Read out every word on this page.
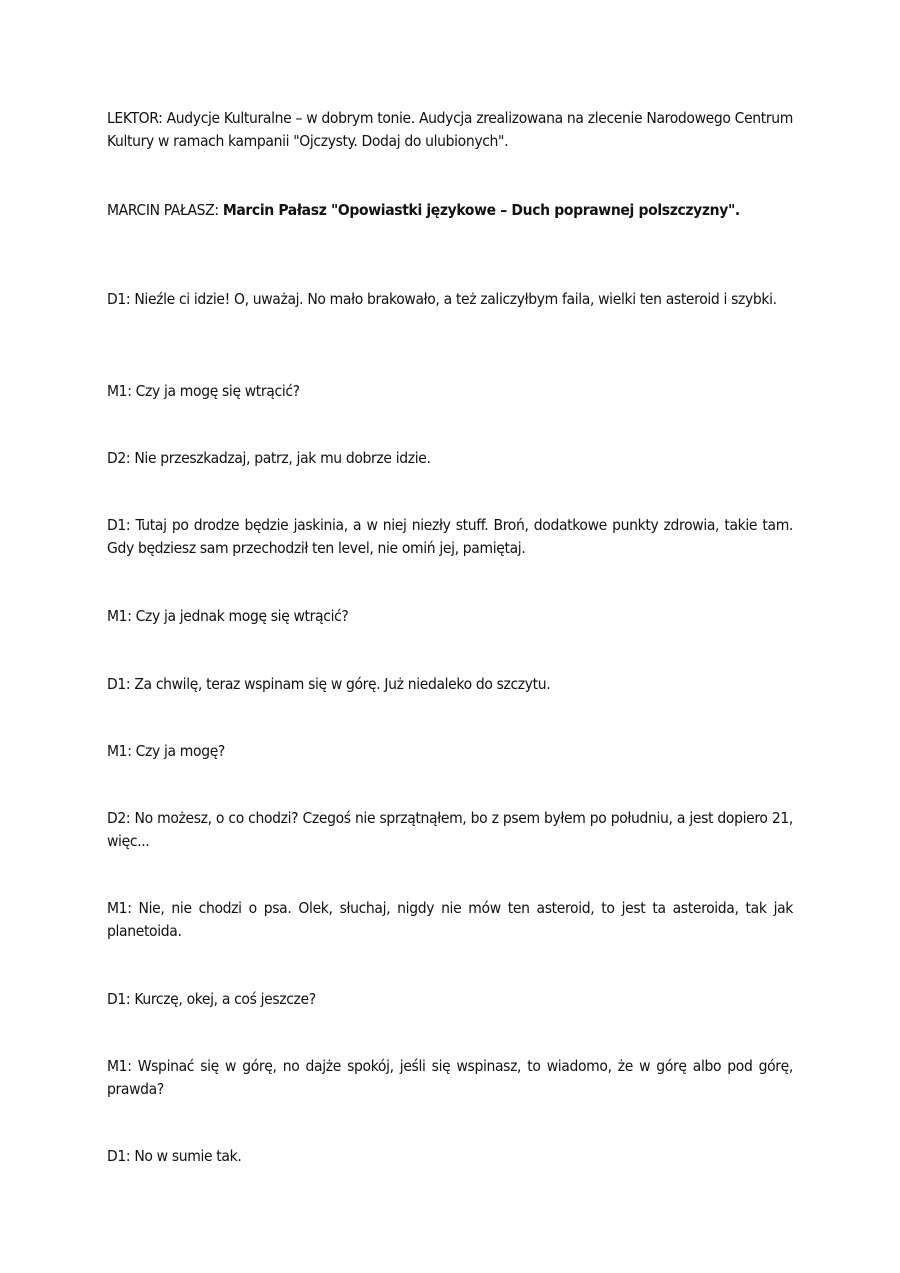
LEKTOR: Audycje Kulturalne – w dobrym tonie. Audycja zrealizowana na zlecenie Narodowego Centrum Kultury w ramach kampanii "Ojczysty. Dodaj do ulubionych".

MARCIN PAŁASZ: Marcin Pałasz "Opowiastki językowe – Duch poprawnej polszczyzny".

D1: Nieźle ci idzie! O, uważaj. No mało brakowało, a też zaliczyłbym faila, wielki ten asteroid i szybki.

M1: Czy ja mogę się wtrącić?

D2: Nie przeszkadzaj, patrz, jak mu dobrze idzie.

D1: Tutaj po drodze będzie jaskinia, a w niej niezły stuff. Broń, dodatkowe punkty zdrowia, takie tam. Gdy będziesz sam przechodził ten level, nie omiń jej, pamiętaj.

M1: Czy ja jednak mogę się wtrącić?

D1: Za chwilę, teraz wspinam się w górę. Już niedaleko do szczytu.

M1: Czy ja mogę?

D2: No możesz, o co chodzi? Czegoś nie sprzątnąłem, bo z psem byłem po południu, a jest dopiero 21, więc...

M1: Nie, nie chodzi o psa. Olek, słuchaj, nigdy nie mów ten asteroid, to jest ta asteroida, tak jak planetoida.

D1: Kurczę, okej, a coś jeszcze?

M1: Wspinać się w górę, no dajże spokój, jeśli się wspinasz, to wiadomo, że w górę albo pod górę, prawda?

D1: No w sumie tak.
